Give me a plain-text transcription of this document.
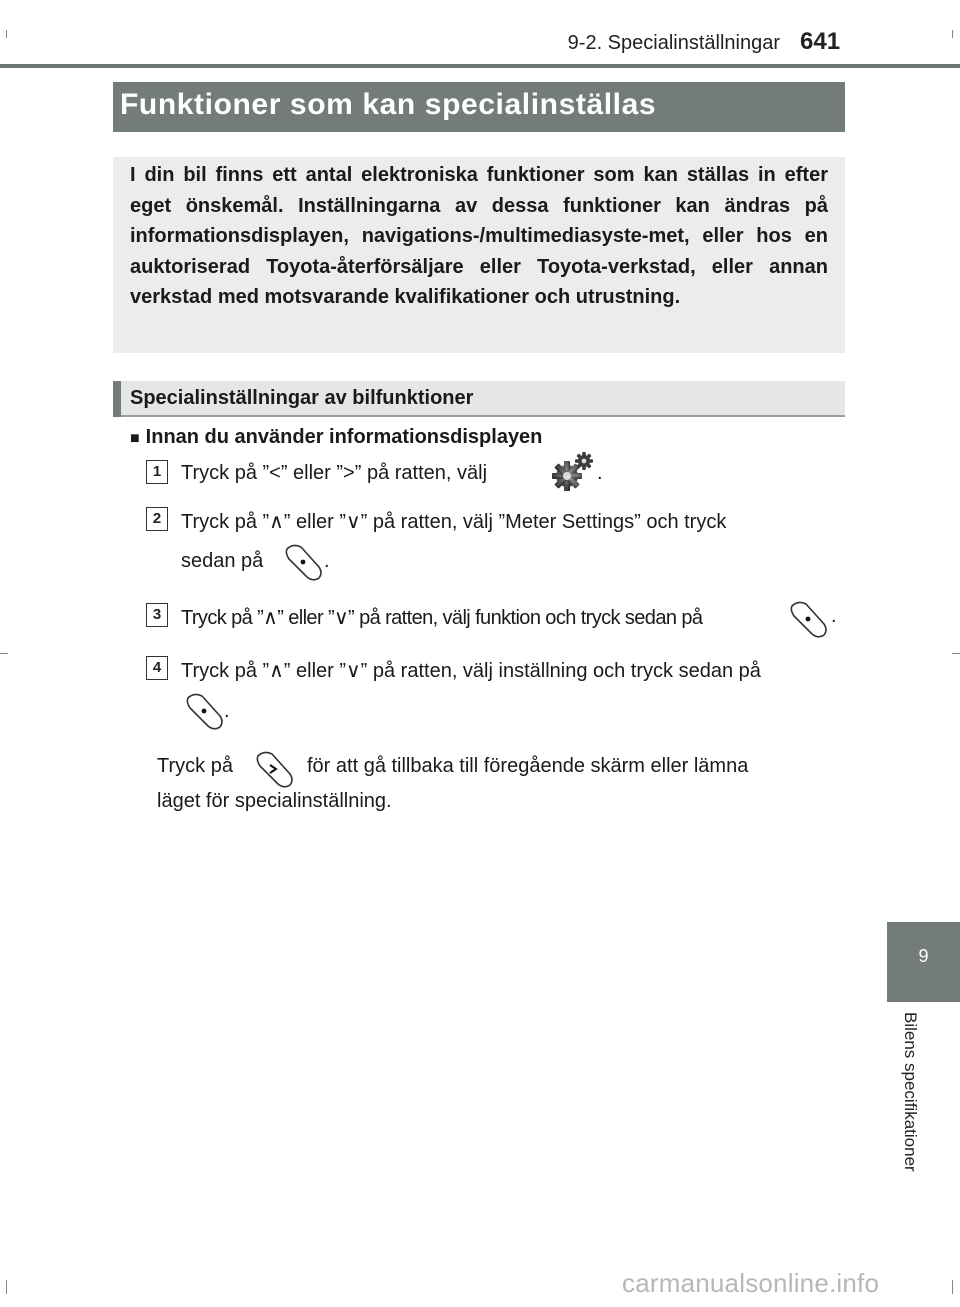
9-2. Specialinställningar 641
Funktioner som kan specialinställas
I din bil finns ett antal elektroniska funktioner som kan ställas in efter eget önskemål. Inställningarna av dessa funktioner kan ändras på informationsdisplayen, navigations-/multimediasyste-met, eller hos en auktoriserad Toyota-återförsäljare eller Toyota-verkstad, eller annan verkstad med motsvarande kvalifikationer och utrustning.
Specialinställningar av bilfunktioner
■ Innan du använder informationsdisplayen
1 Tryck på ”<” eller ”>” på ratten, välj	.
2 Tryck på ”∧” eller ”∨” på ratten, välj ”Meter Settings” och tryck
sedan på	.
3 Tryck på ”∧” eller ”∨” på ratten, välj funktion och tryck sedan på	.
4 Tryck på ”∧” eller ”∨” på ratten, välj inställning och tryck sedan på
.
Tryck på	för att gå tillbaka till föregående skärm eller lämna
läget för specialinställning.
9
Bilens specifikationer
carmanualsonline.info
